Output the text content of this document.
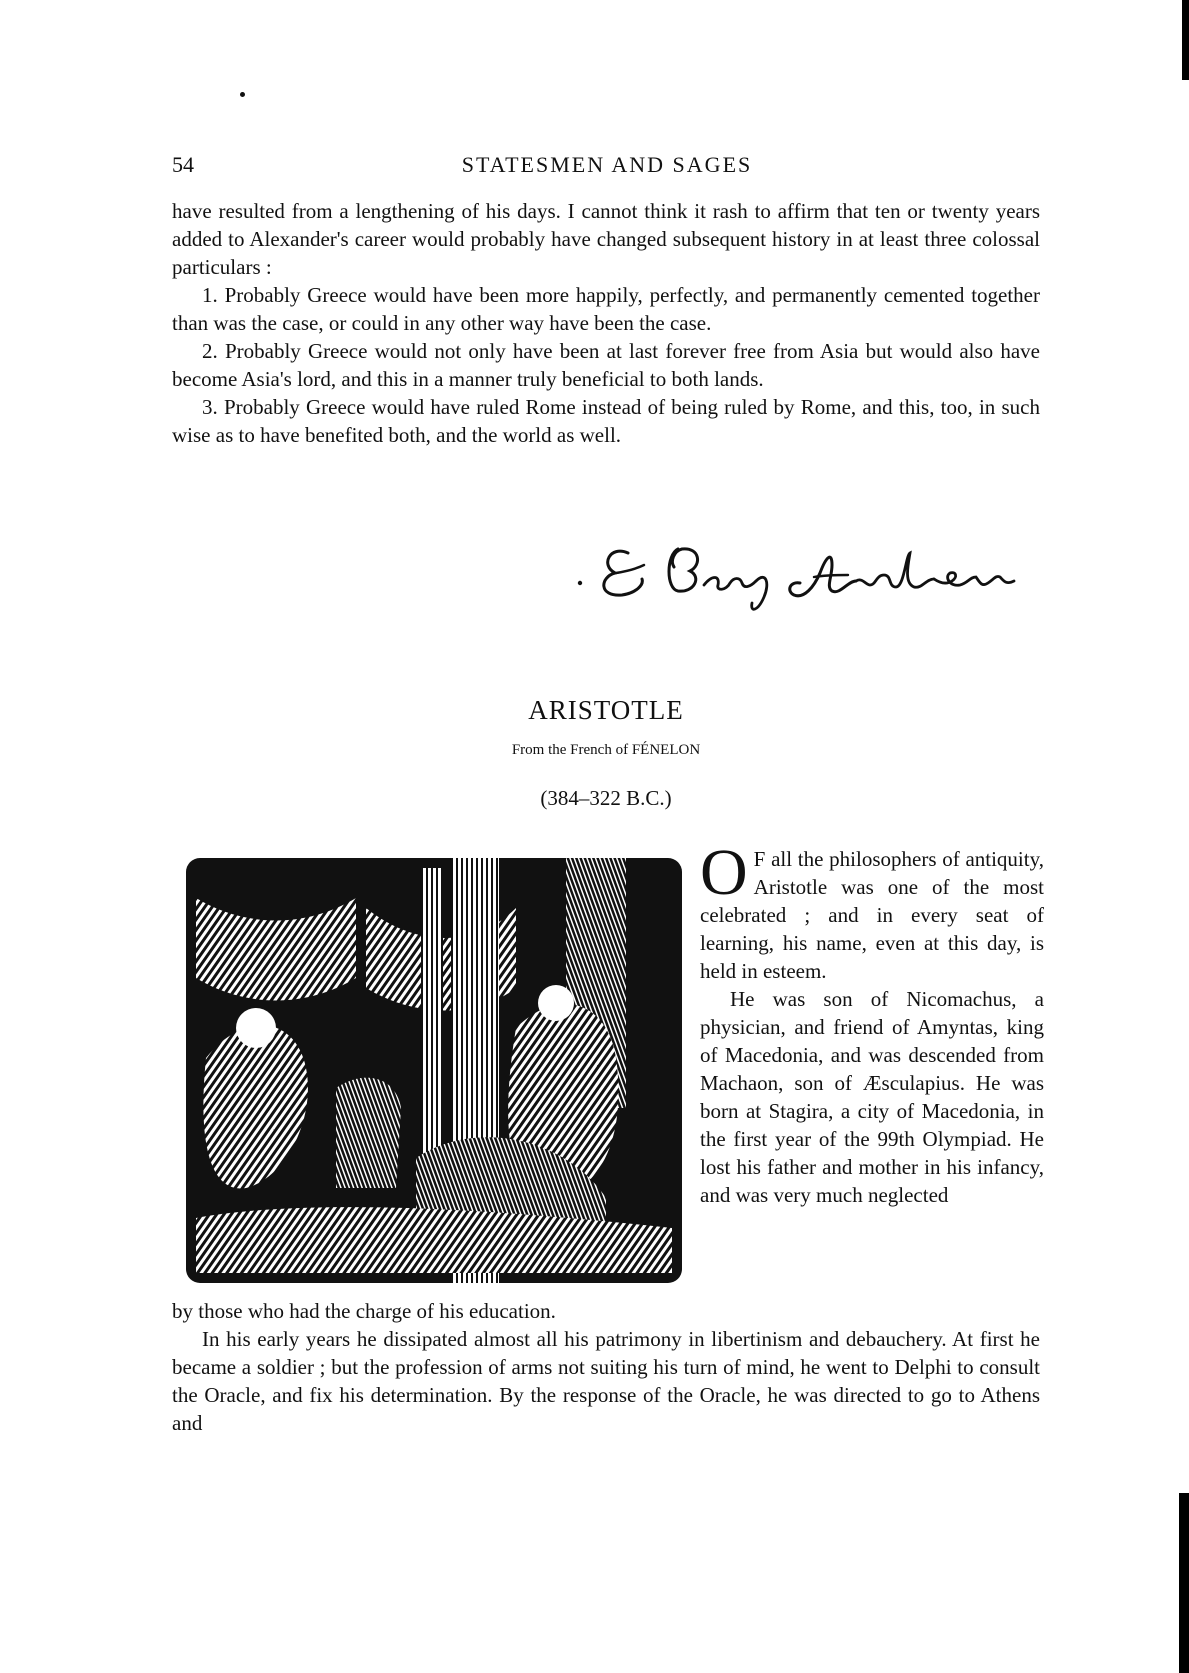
54	STATESMEN AND SAGES

have resulted from a lengthening of his days. I cannot think it rash to affirm that ten or twenty years added to Alexander's career would probably have changed subsequent history in at least three colossal particulars :

1. Probably Greece would have been more happily, perfectly, and permanently cemented together than was the case, or could in any other way have been the case.

2. Probably Greece would not only have been at last forever free from Asia but would also have become Asia's lord, and this in a manner truly beneficial to both lands.

3. Probably Greece would have ruled Rome instead of being ruled by Rome, and this, too, in such wise as to have benefited both, and the world as well.

ARISTOTLE
From the French of FÉNELON
(384–322 B.C.)

O F all the philosophers of antiquity, Aristotle was one of the most celebrated ; and in every seat of learning, his name, even at this day, is held in esteem.

He was son of Nicomachus, a physician, and friend of Amyntas, king of Macedonia, and was descended from Machaon, son of Æsculapius. He was born at Stagira, a city of Macedonia, in the first year of the 99th Olympiad. He lost his father and mother in his infancy, and was very much neglected

by those who had the charge of his education.

In his early years he dissipated almost all his patrimony in libertinism and debauchery. At first he became a soldier ; but the profession of arms not suiting his turn of mind, he went to Delphi to consult the Oracle, and fix his determination. By the response of the Oracle, he was directed to go to Athens and
